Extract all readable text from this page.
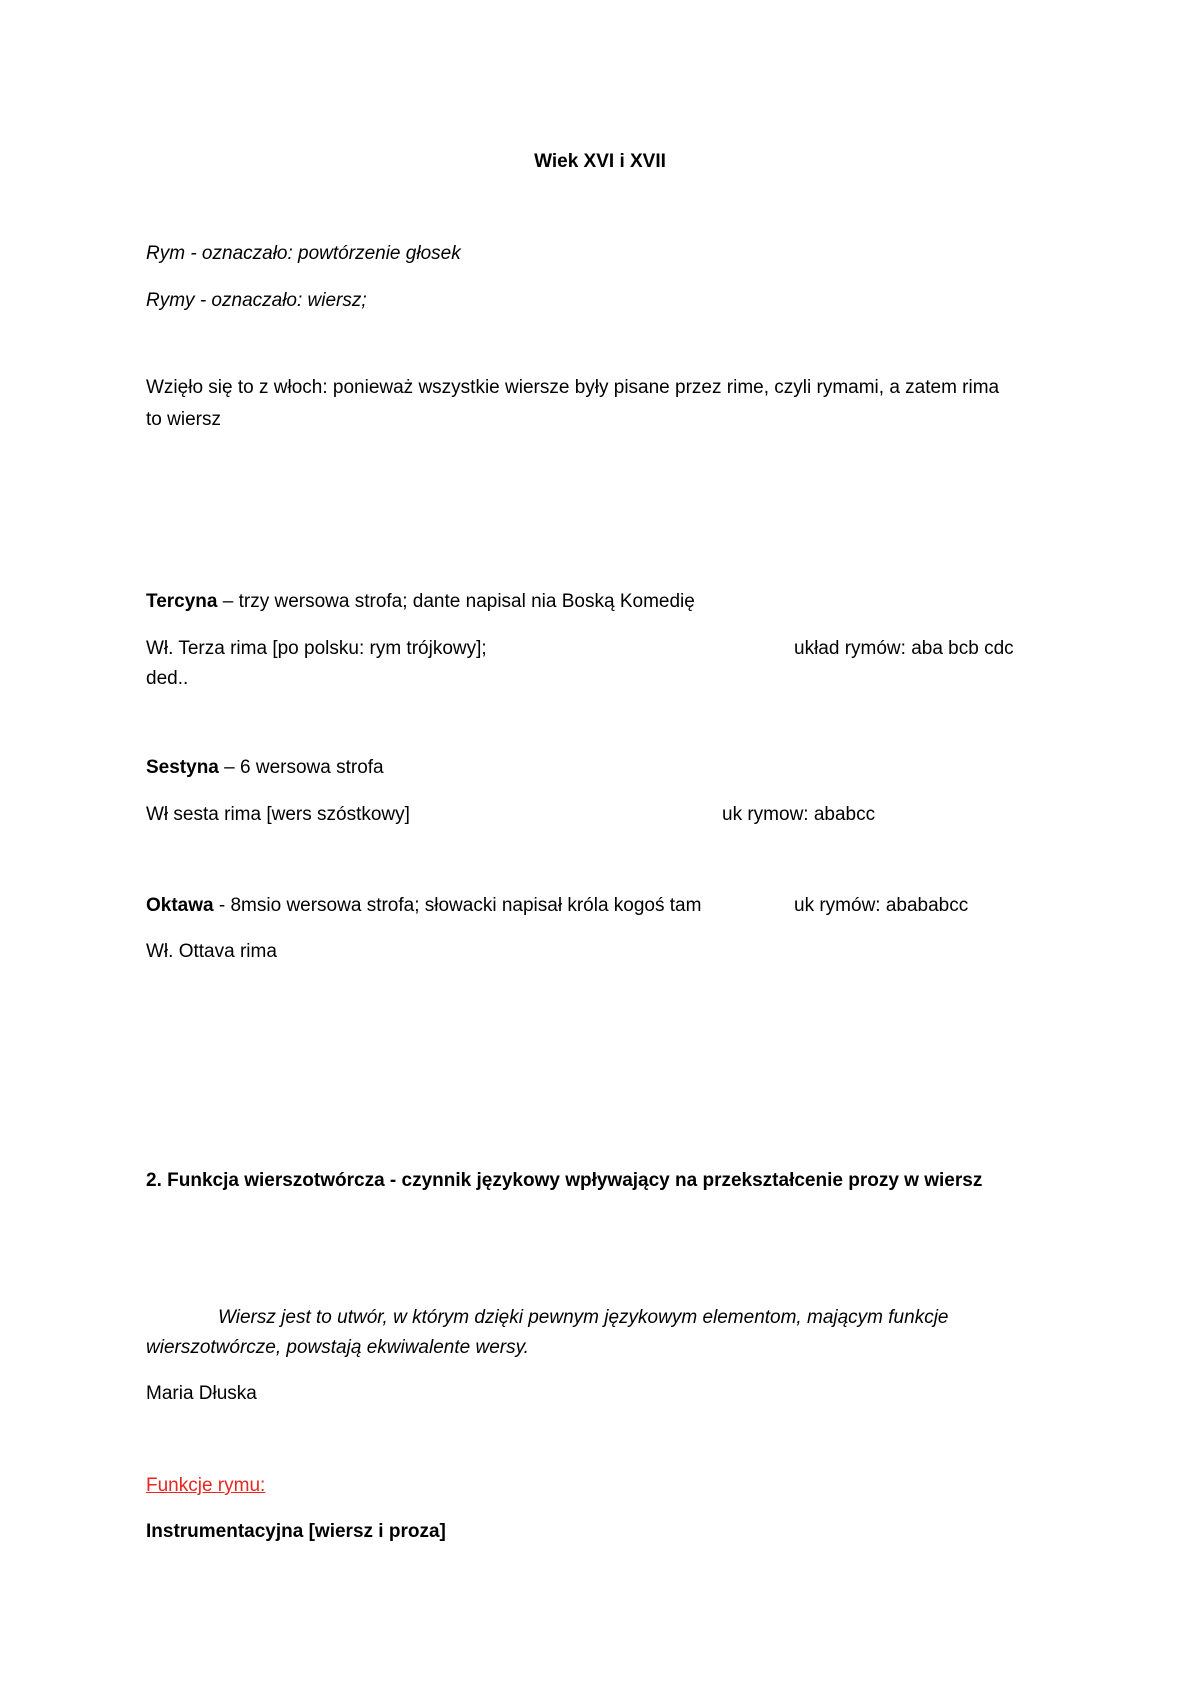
Wiek XVI i XVII
Rym - oznaczało: powtórzenie głosek
Rymy - oznaczało: wiersz;
Wzięło się to z włoch: ponieważ wszystkie wiersze były pisane przez rime, czyli rymami, a zatem rima
to wiersz
Tercyna – trzy wersowa strofa; dante napisal nia Boską Komedię
Wł. Terza rima [po polsku: rym trójkowy];	układ rymów: aba bcb cdc
ded..
Sestyna – 6 wersowa strofa
Wł sesta rima [wers szóstkowy]	uk rymow: ababcc
Oktawa - 8msio wersowa strofa; słowacki napisał króla kogoś tam	uk rymów: abababcc
Wł. Ottava rima
2. Funkcja wierszotwórcza - czynnik językowy wpływający na przekształcenie prozy w wiersz
Wiersz jest to utwór, w którym dzięki pewnym językowym elementom, mającym funkcje
wierszotwórcze, powstają ekwiwalente wersy.
Maria Dłuska
Funkcje rymu:
Instrumentacyjna [wiersz i proza]
